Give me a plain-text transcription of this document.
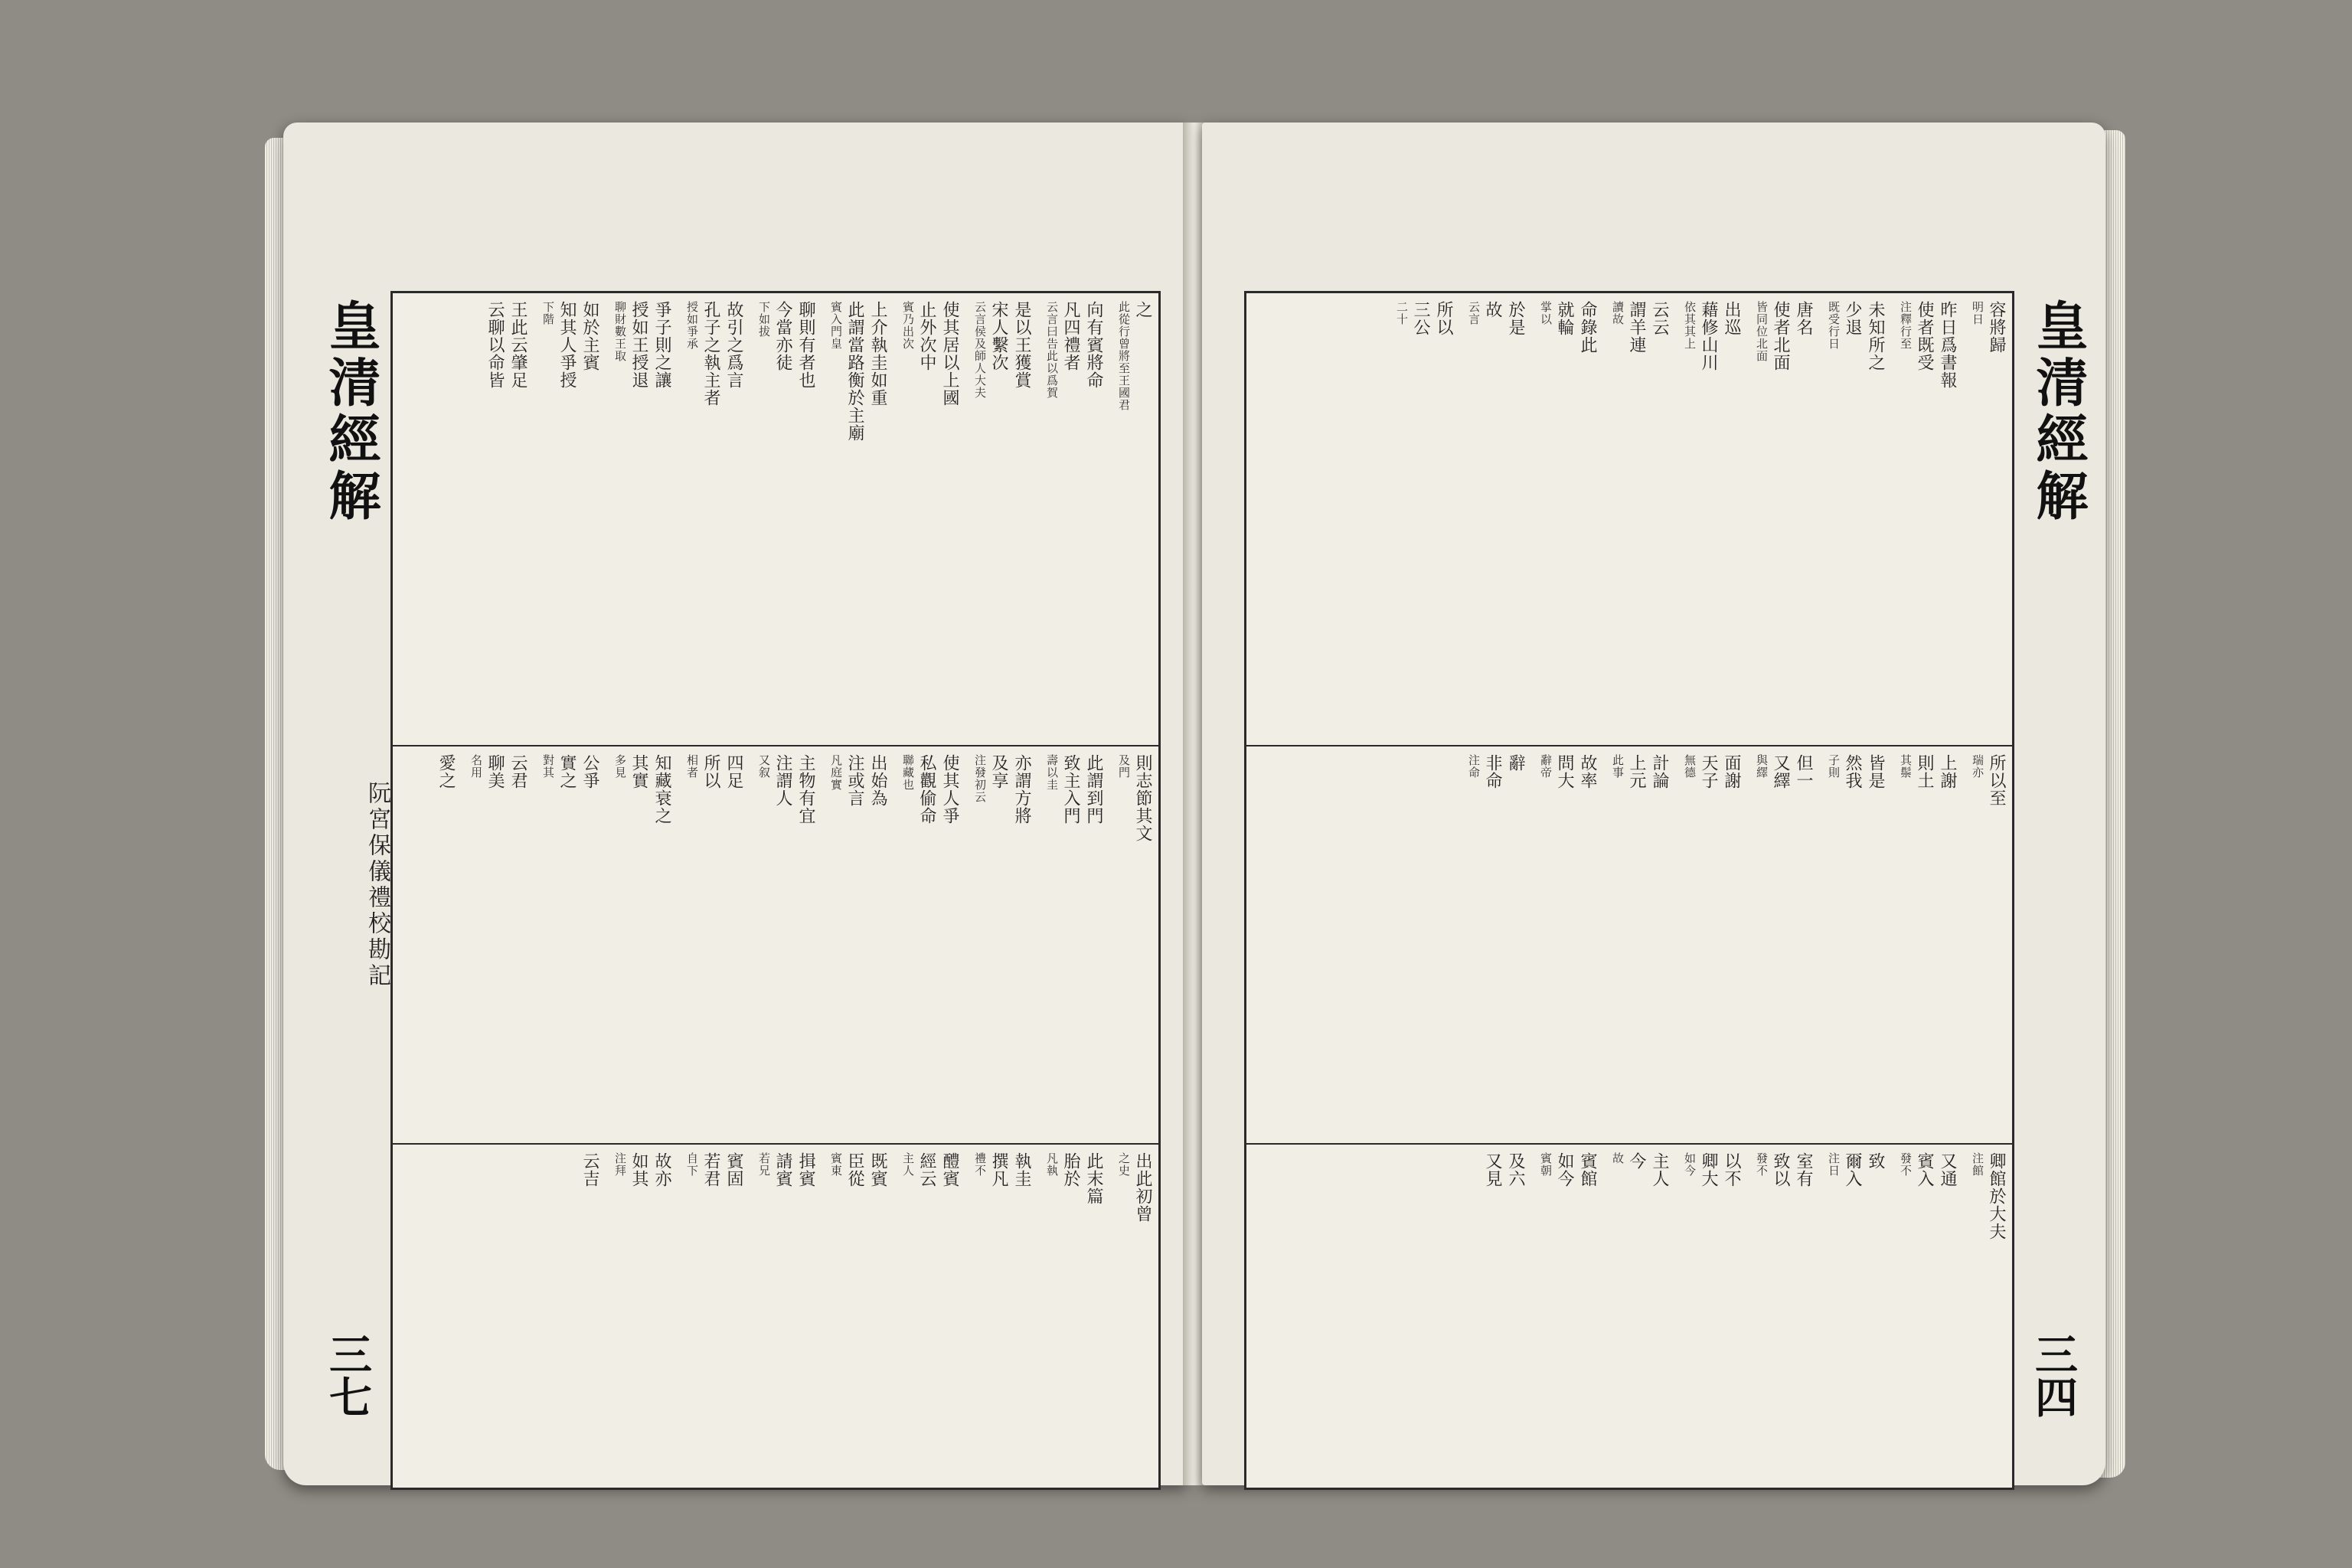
皇清經解
阮宮保儀禮校勘記
三七
之
此從行曾將至王國君
向有賓將命
凡四禮者
云言曰告此以爲賀
是以王獲賞
宋人繫次
云言侯及師人大夫
使其居以上國
止外次中
賓乃出次
上介執圭如重
此謂當路衡於主廟
賓入門皇
聊則有者也
今當亦徒
下如拔
故引之爲言
孔子之執主者
授如爭承
爭子則之讓
授如王授退
聊財數王取
如於主賓
知其人爭授
下階
王此云肇足
云聊以命皆
則志節其文
及門
此謂到門
致主入門
壽以圭
亦謂方將
及享
注發初云
使其人爭
私觀偷命
聯藏也
出始為
注或言
凡庭實
主物有宜
注謂人
又叙
四足
所以
相者
知藏衰之
其實
多見
公爭
實之
對其
云君
聊美
名用
愛之
出此初曾
之史
此末篇
胎於
凡執
執圭
撰凡
禮不
醴賓
經云
主人
既賓
臣從
賓東
揖賓
請賓
若兄
賓固
若君
自下
故亦
如其
注拜
云吉
皇清經解
三四
容將歸
明日
昨日爲書報
使者既受
注釋行至
未知所之
少退
既受行日
唐名
使者北面
皆同位北面
出巡
藉修山川
依其其上
云云
謂羊連
讀故
命錄此
就輪
掌以
於是
故
云言
所以
三公
二十
所以至
瑞亦
上謝
則土
其鬃
皆是
然我
子則
但一
又繹
與繹
面謝
天子
無德
計論
上元
此事
故率
問大
辭帝
辭
非命
注命
卿館於大夫
注館
又通
賓入
發不
致
爾入
注日
室有
致以
發不
以不
卿大
如今
主人
今
故
賓館
如今
賓朝
及六
又見
